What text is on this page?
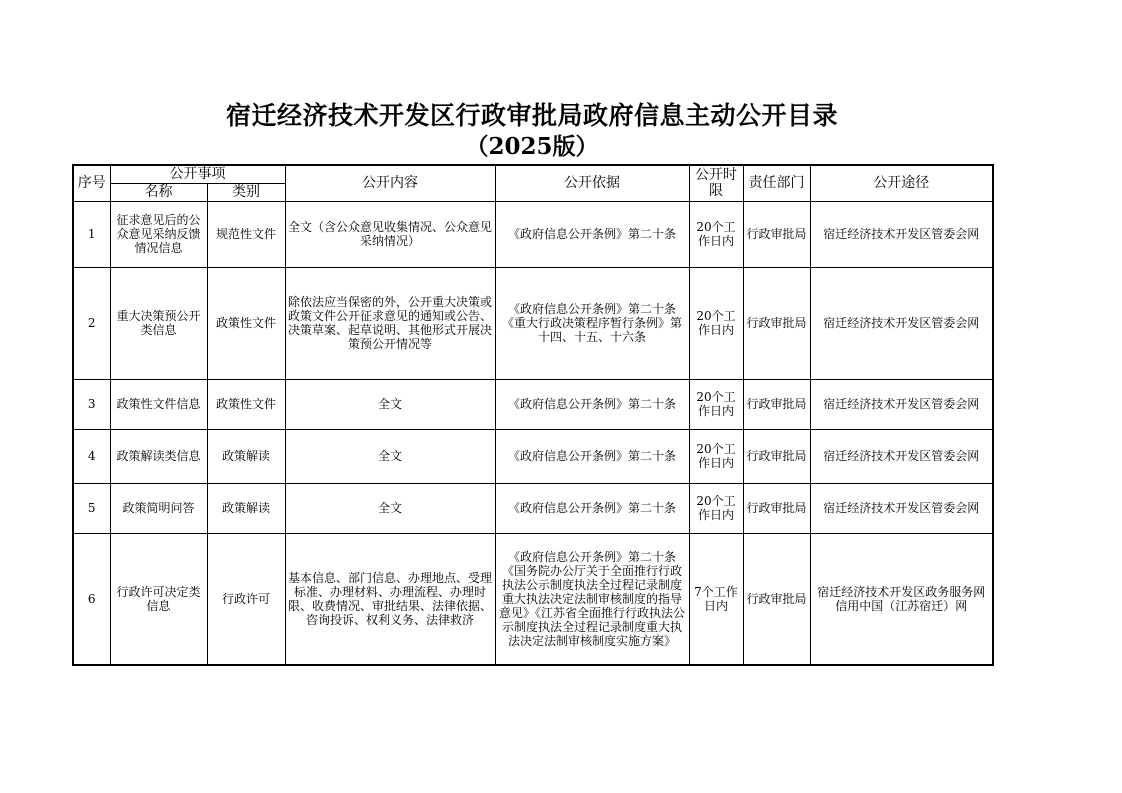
宿迁经济技术开发区行政审批局政府信息主动公开目录
（2025版）
序号	公开事项		公开内容	公开依据	公开时限	责任部门	公开途径
	名称	类别					
1	征求意见后的公众意见采纳反馈情况信息	规范性文件	全文（含公众意见收集情况、公众意见采纳情况）	《政府信息公开条例》第二十条	20个工作日内	行政审批局	宿迁经济技术开发区管委会网
2	重大决策预公开类信息	政策性文件	除依法应当保密的外，公开重大决策或政策文件公开征求意见的通知或公告、决策草案、起草说明、其他形式开展决策预公开情况等	《政府信息公开条例》第二十条《重大行政决策程序暂行条例》第十四、十五、十六条	20个工作日内	行政审批局	宿迁经济技术开发区管委会网
3	政策性文件信息	政策性文件	全文	《政府信息公开条例》第二十条	20个工作日内	行政审批局	宿迁经济技术开发区管委会网
4	政策解读类信息	政策解读	全文	《政府信息公开条例》第二十条	20个工作日内	行政审批局	宿迁经济技术开发区管委会网
5	政策简明问答	政策解读	全文	《政府信息公开条例》第二十条	20个工作日内	行政审批局	宿迁经济技术开发区管委会网
6	行政许可决定类信息	行政许可	基本信息、部门信息、办理地点、受理标准、办理材料、办理流程、办理时限、收费情况、审批结果、法律依据、咨询投诉、权利义务、法律救济	《政府信息公开条例》第二十条《国务院办公厅关于全面推行行政执法公示制度执法全过程记录制度重大执法决定法制审核制度的指导意见》《江苏省全面推行行政执法公示制度执法全过程记录制度重大执法决定法制审核制度实施方案》	7个工作日内	行政审批局	宿迁经济技术开发区政务服务网
信用中国（江苏宿迁）网
